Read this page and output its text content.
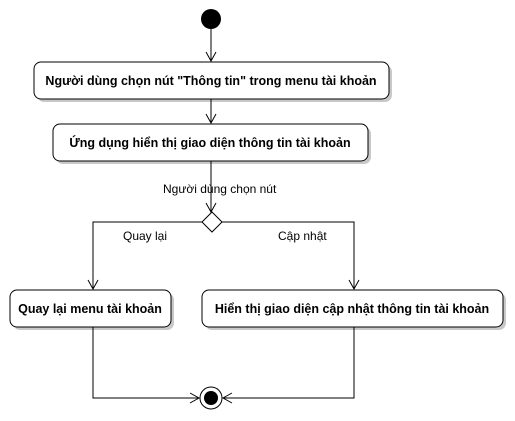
Người dùng chọn nút "Thông tin" trong menu tài khoản
Ứng dụng hiển thị giao diện thông tin tài khoản
Người dùng chọn nút
Quay lại	Cập nhật
Quay lại menu tài khoản	Hiển thị giao diện cập nhật thông tin tài khoản
